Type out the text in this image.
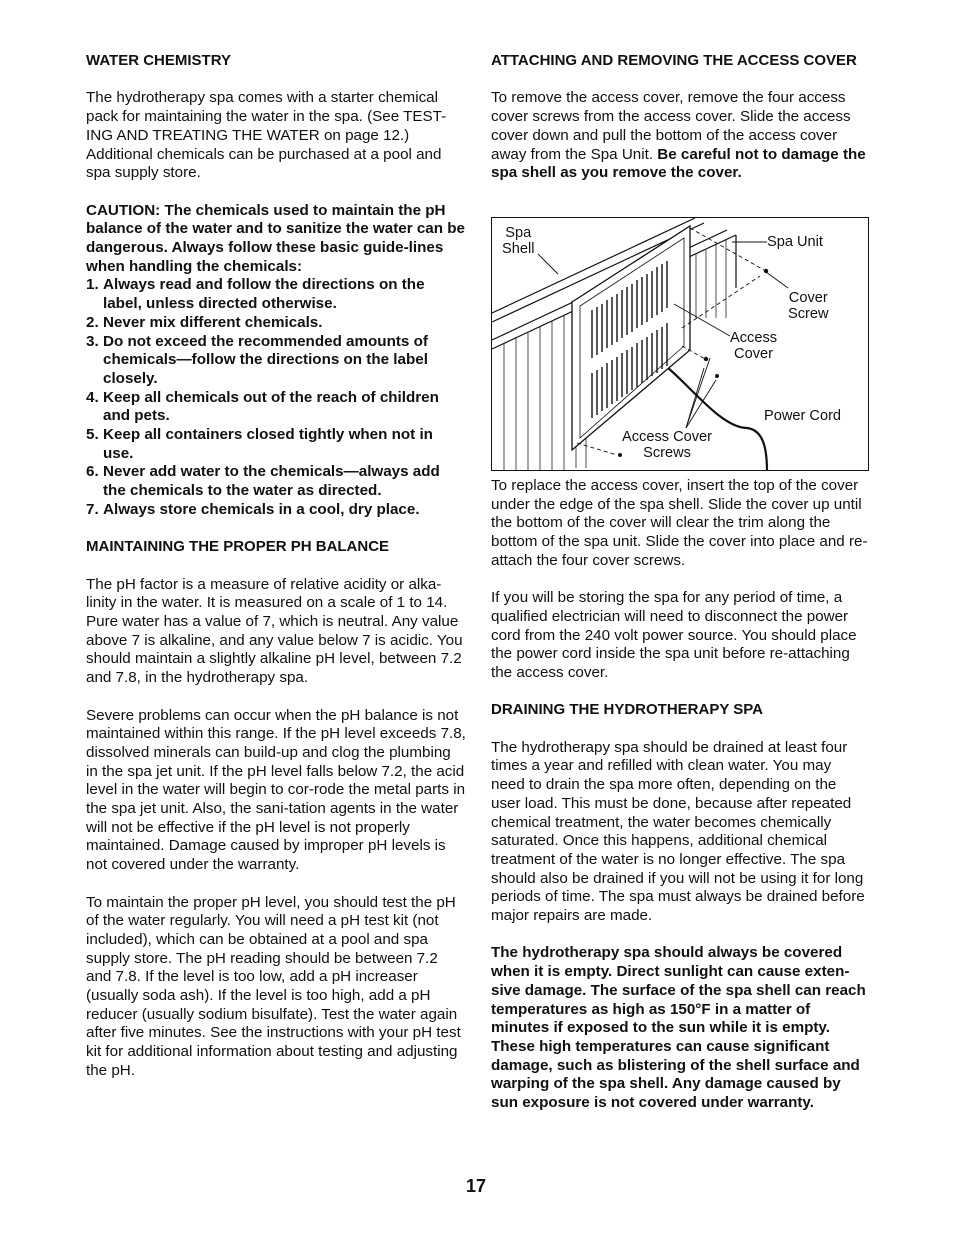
WATER CHEMISTRY

The hydrotherapy spa comes with a starter chemical pack for maintaining the water in the spa. (See TEST-ING AND TREATING THE WATER on page 12.) Additional chemicals can be purchased at a pool and spa supply store.

CAUTION: The chemicals used to maintain the pH balance of the water and to sanitize the water can be dangerous. Always follow these basic guide-lines when handling the chemicals:

1. Always read and follow the directions on the label, unless directed otherwise.
2. Never mix different chemicals.
3. Do not exceed the recommended amounts of chemicals—follow the directions on the label closely.
4. Keep all chemicals out of the reach of children and pets.
5. Keep all containers closed tightly when not in use.
6. Never add water to the chemicals—always add the chemicals to the water as directed.
7. Always store chemicals in a cool, dry place.
MAINTAINING THE PROPER PH BALANCE

The pH factor is a measure of relative acidity or alka-linity in the water. It is measured on a scale of 1 to 14. Pure water has a value of 7, which is neutral. Any value above 7 is alkaline, and any value below 7 is acidic. You should maintain a slightly alkaline pH level, between 7.2 and 7.8, in the hydrotherapy spa.

Severe problems can occur when the pH balance is not maintained within this range. If the pH level exceeds 7.8, dissolved minerals can build-up and clog the plumbing in the spa jet unit. If the pH level falls below 7.2, the acid level in the water will begin to cor-rode the metal parts in the spa jet unit. Also, the sani-tation agents in the water will not be effective if the pH level is not properly maintained. Damage caused by improper pH levels is not covered under the warranty.

To maintain the proper pH level, you should test the pH of the water regularly. You will need a pH test kit (not included), which can be obtained at a pool and spa supply store. The pH reading should be between 7.2 and 7.8. If the level is too low, add a pH increaser (usually soda ash). If the level is too high, add a pH reducer (usually sodium bisulfate). Test the water again after five minutes. See the instructions with your pH test kit for additional information about testing and adjusting the pH.

ATTACHING AND REMOVING THE ACCESS COVER

To remove the access cover, remove the four access cover screws from the access cover. Slide the access cover down and pull the bottom of the access cover away from the Spa Unit. Be careful not to damage the spa shell as you remove the cover.

To replace the access cover, insert the top of the cover under the edge of the spa shell. Slide the cover up until the bottom of the cover will clear the trim along the bottom of the spa unit. Slide the cover into place and re-attach the four cover screws.

If you will be storing the spa for any period of time, a qualified electrician will need to disconnect the power cord from the 240 volt power source. You should place the power cord inside the spa unit before re-attaching the access cover.

DRAINING THE HYDROTHERAPY SPA

The hydrotherapy spa should be drained at least four times a year and refilled with clean water. You may need to drain the spa more often, depending on the user load. This must be done, because after repeated chemical treatment, the water becomes chemically saturated. Once this happens, additional chemical treatment of the water is no longer effective. The spa should also be drained if you will not be using it for long periods of time. The spa must always be drained before major repairs are made.

The hydrotherapy spa should always be covered when it is empty. Direct sunlight can cause exten-sive damage. The surface of the spa shell can reach temperatures as high as 150°F in a matter of minutes if exposed to the sun while it is empty. These high temperatures can cause significant damage, such as blistering of the shell surface and warping of the spa shell. Any damage caused by sun exposure is not covered under warranty.

Spa
Shell	Spa Unit
Cover
Screw
Access
Cover
Power Cord
Access Cover
Screws
17
